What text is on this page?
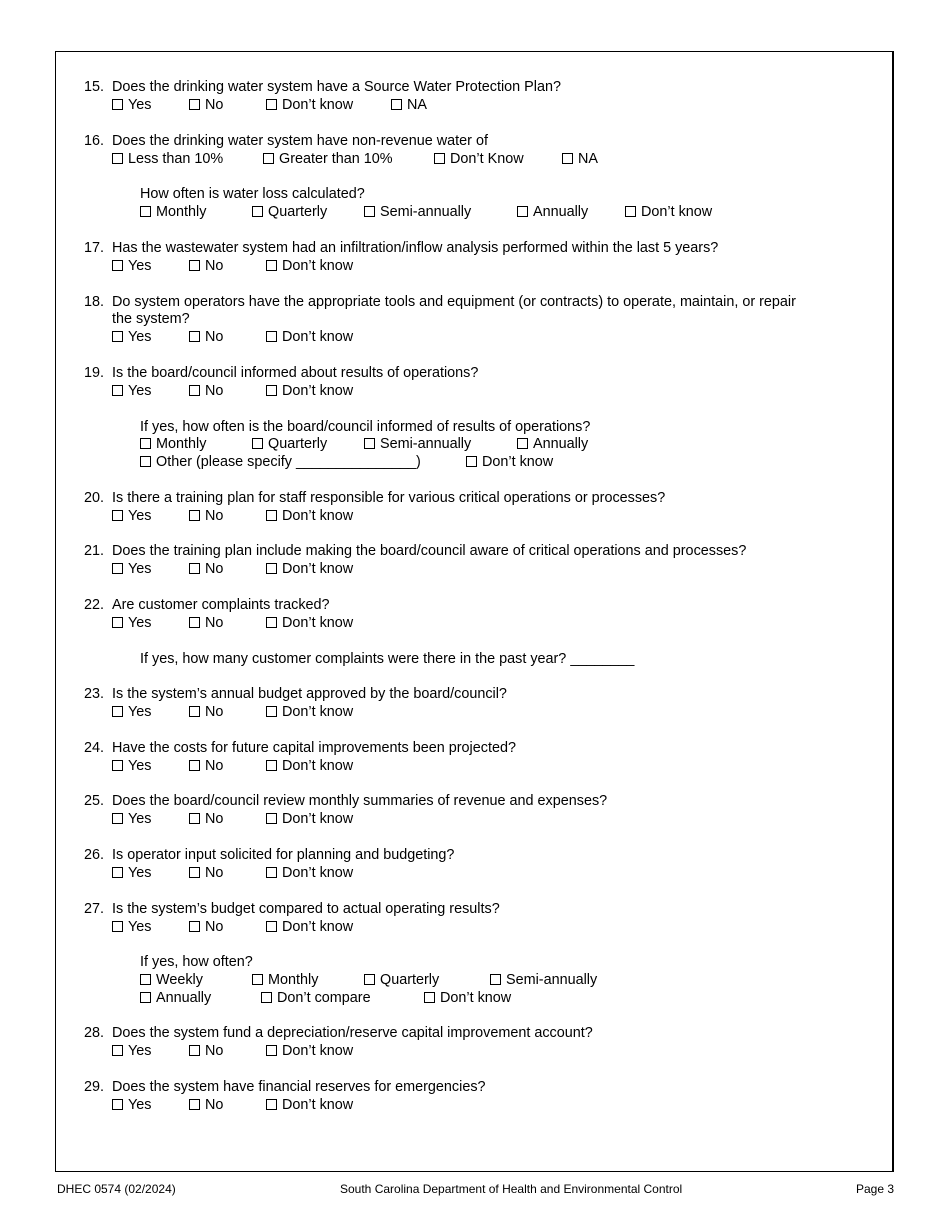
15. Does the drinking water system have a Source Water Protection Plan?
Yes	No	Don’t know	NA
16. Does the drinking water system have non-revenue water of
Less than 10%	Greater than 10%	Don’t Know	NA
How often is water loss calculated?
Monthly	Quarterly	Semi-annually	Annually	Don’t know
17. Has the wastewater system had an infiltration/inflow analysis performed within the last 5 years?
Yes	No	Don’t know
18. Do system operators have the appropriate tools and equipment (or contracts) to operate, maintain, or repair
the system?
Yes	No	Don’t know
19. Is the board/council informed about results of operations?
Yes	No	Don’t know
If yes, how often is the board/council informed of results of operations?
Monthly	Quarterly	Semi-annually	Annually
Other (please specify _______________)	Don’t know
20. Is there a training plan for staff responsible for various critical operations or processes?
Yes	No	Don’t know
21. Does the training plan include making the board/council aware of critical operations and processes?
Yes	No	Don’t know
22. Are customer complaints tracked?
Yes	No	Don’t know
If yes, how many customer complaints were there in the past year? ________
23. Is the system’s annual budget approved by the board/council?
Yes	No	Don’t know
24. Have the costs for future capital improvements been projected?
Yes	No	Don’t know
25. Does the board/council review monthly summaries of revenue and expenses?
Yes	No	Don’t know
26. Is operator input solicited for planning and budgeting?
Yes	No	Don’t know
27. Is the system’s budget compared to actual operating results?
Yes	No	Don’t know
If yes, how often?
Weekly	Monthly	Quarterly	Semi-annually
Annually	Don’t compare	Don’t know
28. Does the system fund a depreciation/reserve capital improvement account?
Yes	No	Don’t know
29. Does the system have financial reserves for emergencies?
Yes	No	Don’t know
DHEC 0574 (02/2024)	South Carolina Department of Health and Environmental Control	Page 3
